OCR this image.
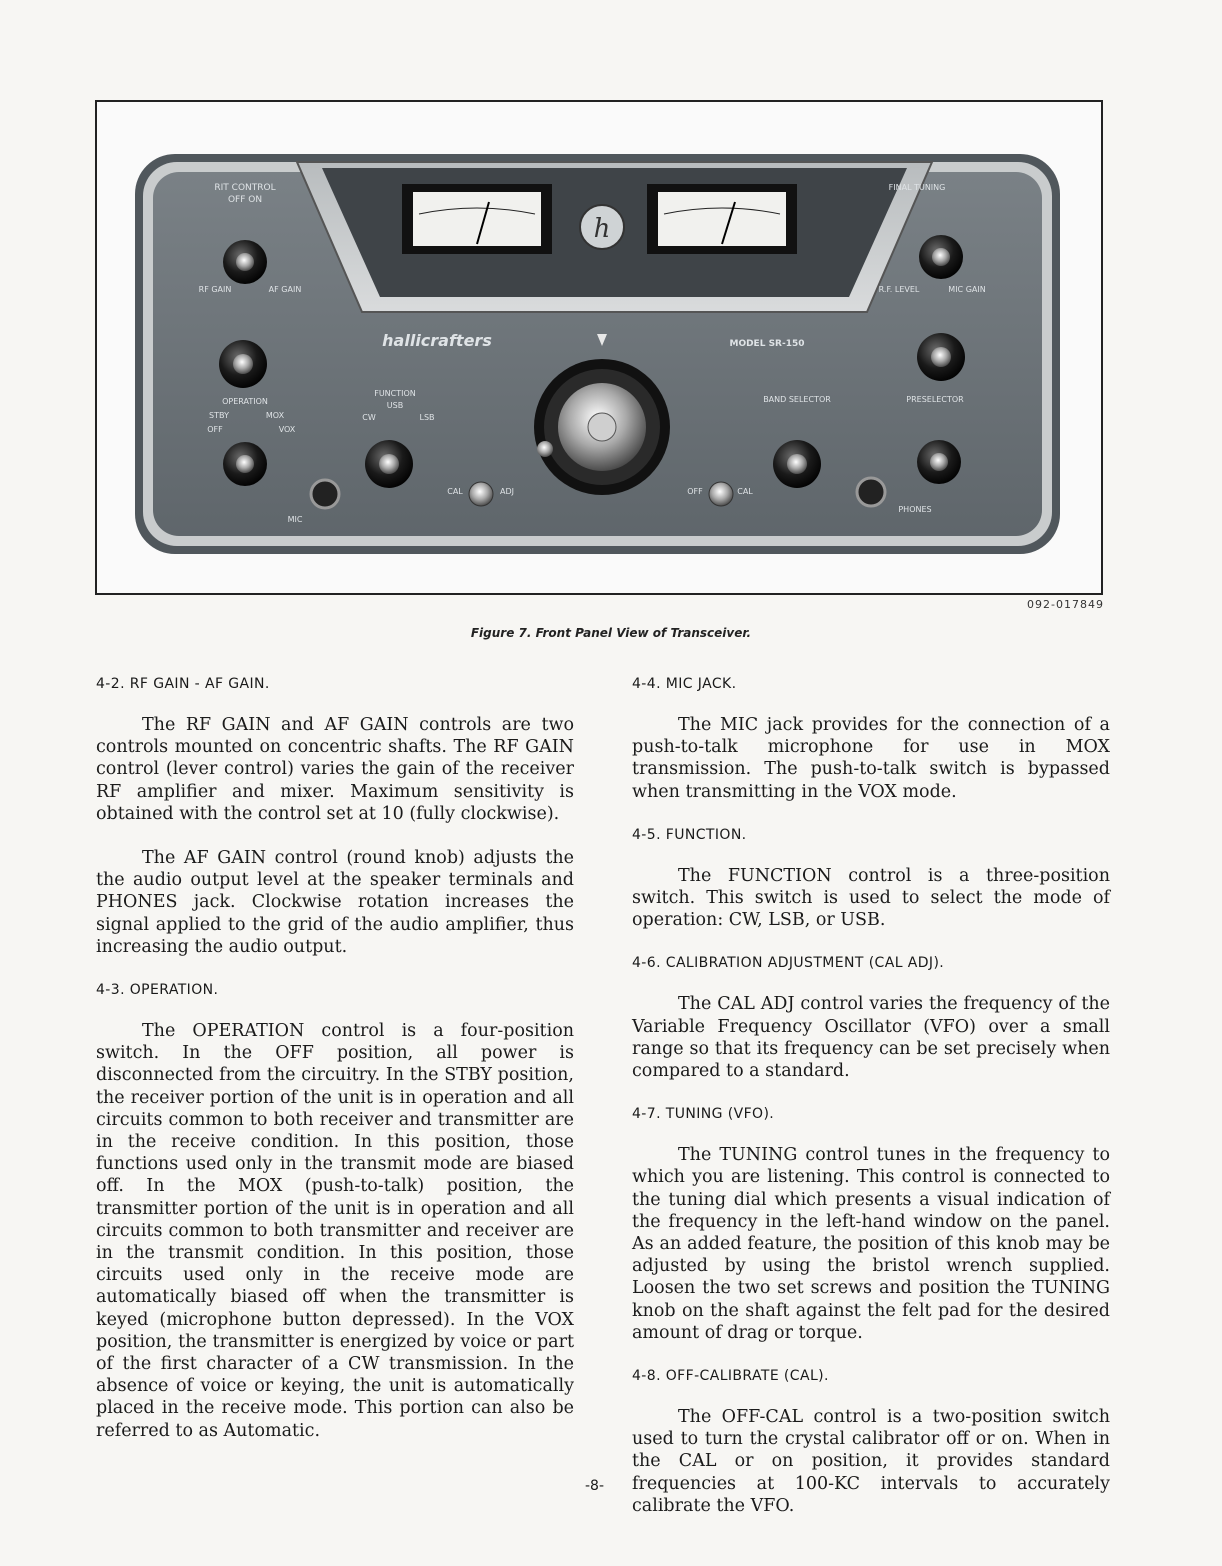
h
RIT CONTROL
OFF ON
RF GAIN	AF GAIN
OPERATION
STBY	MOX
OFF	VOX
MIC
FUNCTION
USB
CW	LSB
CAL	ADJ
hallicrafters	MODEL SR-150
BAND SELECTOR
OFF	CAL
PHONES
FINAL TUNING
R.F. LEVEL	MIC GAIN
PRESELECTOR
092-017849
Figure 7. Front Panel View of Transceiver.
4-2. RF GAIN - AF GAIN.

The RF GAIN and AF GAIN controls are two controls mounted on concentric shafts. The RF GAIN control (lever control) varies the gain of the receiver RF amplifier and mixer. Maximum sensitivity is obtained with the control set at 10 (fully clockwise).

The AF GAIN control (round knob) adjusts the the audio output level at the speaker terminals and PHONES jack. Clockwise rotation increases the signal applied to the grid of the audio amplifier, thus increasing the audio output.

4-3. OPERATION.

The OPERATION control is a four-position switch. In the OFF position, all power is disconnected from the circuitry. In the STBY position, the receiver portion of the unit is in operation and all circuits common to both receiver and transmitter are in the receive condition. In this position, those functions used only in the transmit mode are biased off. In the MOX (push-to-talk) position, the transmitter portion of the unit is in operation and all circuits common to both transmitter and receiver are in the transmit condition. In this position, those circuits used only in the receive mode are automatically biased off when the transmitter is keyed (microphone button depressed). In the VOX position, the transmitter is energized by voice or part of the first character of a CW transmission. In the absence of voice or keying, the unit is automatically placed in the receive mode. This portion can also be referred to as Automatic.

4-4. MIC JACK.

The MIC jack provides for the connection of a push-to-talk microphone for use in MOX transmission. The push-to-talk switch is bypassed when transmitting in the VOX mode.

4-5. FUNCTION.

The FUNCTION control is a three-position switch. This switch is used to select the mode of operation: CW, LSB, or USB.

4-6. CALIBRATION ADJUSTMENT (CAL ADJ).

The CAL ADJ control varies the frequency of the Variable Frequency Oscillator (VFO) over a small range so that its frequency can be set precisely when compared to a standard.

4-7. TUNING (VFO).

The TUNING control tunes in the frequency to which you are listening. This control is connected to the tuning dial which presents a visual indication of the frequency in the left-hand window on the panel. As an added feature, the position of this knob may be adjusted by using the bristol wrench supplied. Loosen the two set screws and position the TUNING knob on the shaft against the felt pad for the desired amount of drag or torque.

4-8. OFF-CALIBRATE (CAL).

The OFF-CAL control is a two-position switch used to turn the crystal calibrator off or on. When in the CAL or on position, it provides standard frequencies at 100-KC intervals to accurately calibrate the VFO.

-8-
